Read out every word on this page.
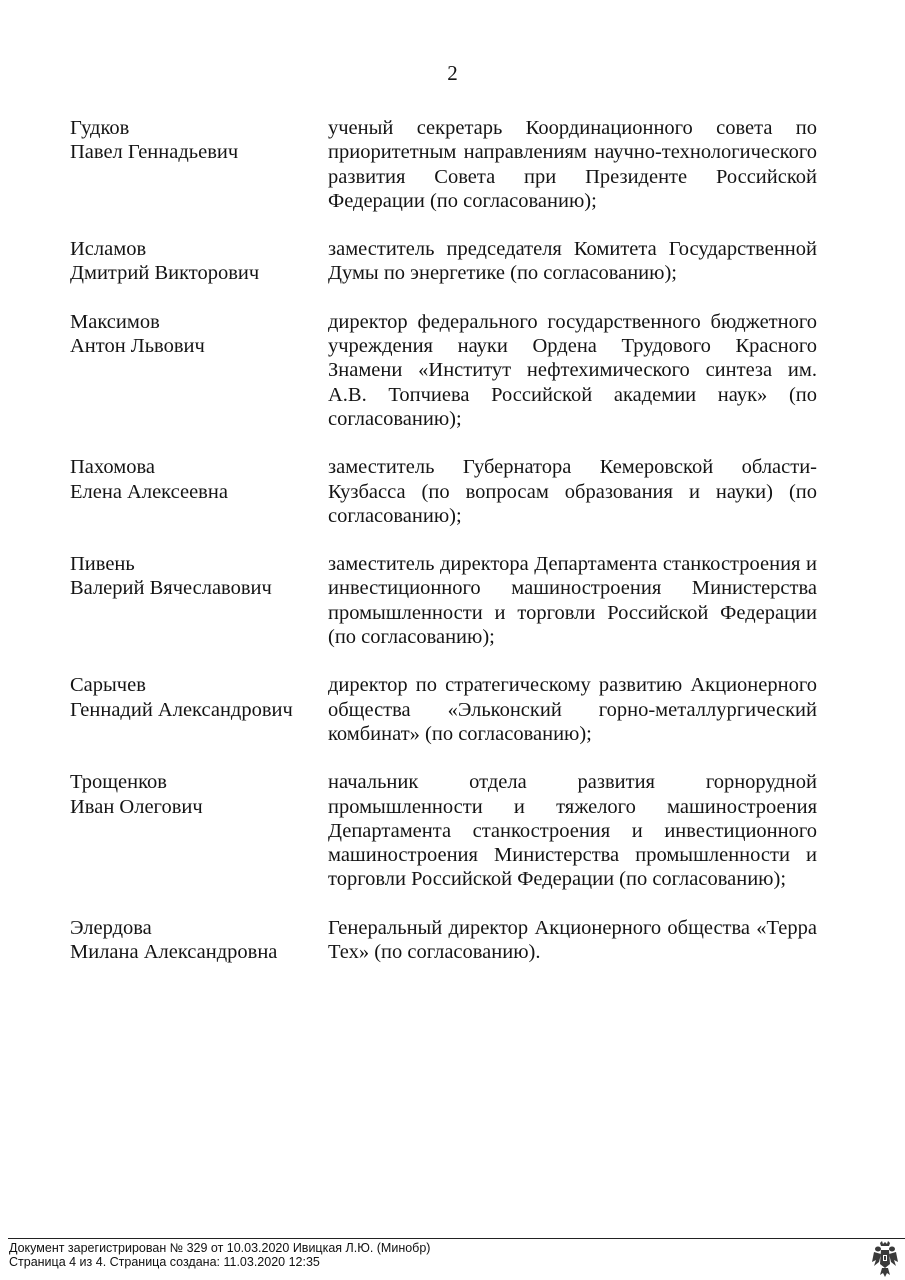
2
Гудков
Павел Геннадьевич
ученый секретарь Координационного совета по приоритетным направлениям научно-технологического развития Совета при Президенте Российской Федерации (по согласованию);
Исламов
Дмитрий Викторович
заместитель председателя Комитета Государственной Думы по энергетике (по согласованию);
Максимов
Антон Львович
директор федерального государственного бюджетного учреждения науки Ордена Трудового Красного Знамени «Институт нефтехимического синтеза им. А.В. Топчиева Российской академии наук» (по согласованию);
Пахомова
Елена Алексеевна
заместитель Губернатора Кемеровской области-Кузбасса (по вопросам образования и науки) (по согласованию);
Пивень
Валерий Вячеславович
заместитель директора Департамента станкостроения и инвестиционного машиностроения Министерства промышленности и торговли Российской Федерации (по согласованию);
Сарычев
Геннадий Александрович
директор по стратегическому развитию Акционерного общества «Эльконский горно-металлургический комбинат» (по согласованию);
Трощенков
Иван Олегович
начальник отдела развития горнорудной промышленности и тяжелого машиностроения Департамента станкостроения и инвестиционного машиностроения Министерства промышленности и торговли Российской Федерации (по согласованию);
Элердова
Милана Александровна
Генеральный директор Акционерного общества «Терра Тех» (по согласованию).
Документ зарегистрирован № 329 от 10.03.2020 Ивицкая Л.Ю. (Минобр)
Страница 4 из 4. Страница создана: 11.03.2020 12:35
